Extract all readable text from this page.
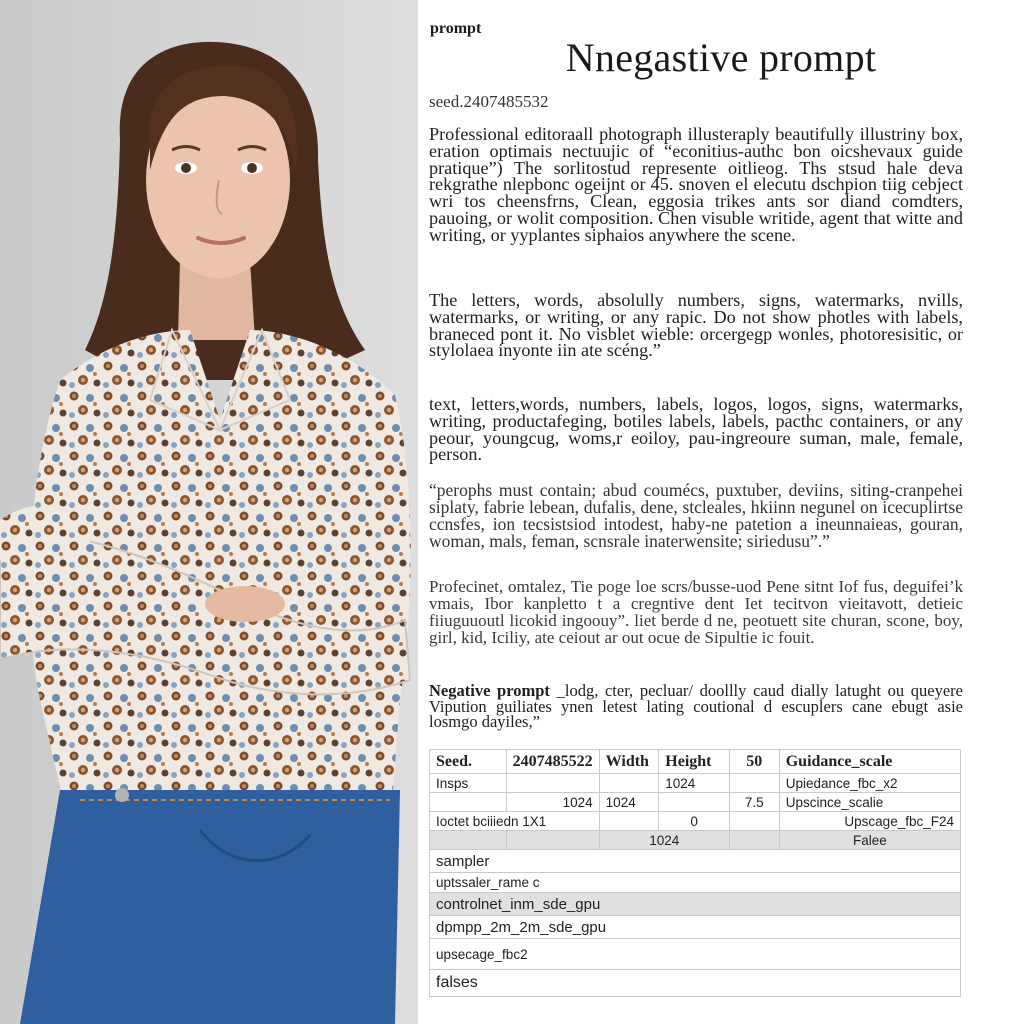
prompt
Nnegastive prompt
seed.2407485532
Professional editoraall photograph illusteraply beautifully illustriny box, eration optimais nectuujic of “econitius-authc bon oicshevaux guide pratique”) The sorlitostud represente oitlieog. Ths stsud hale deva rekgrathe nlepbonc ogeijnt or 45. snoven el elecutu dschpion tiig cebject wri tos cheensfrns, Clean, eggosia trikes ants sor diand comdters, pauoing, or wolit composition. Chen visuble writide, agent that witte and writing, or yyplantes siphaios anywhere the scene.
The letters, words, absolully numbers, signs, watermarks, nvills, watermarks, or writing, or any rapic. Do not show photles with labels, braneced pont it. No visblet wieble: orcergegp wonles, photoresisitic, or stylolaea inyonte iin ate scéng.”
text, letters,words, numbers, labels, logos, logos, signs, watermarks, writing, productafeging, botiles labels, labels, pacthc containers, or any peour, youngcug, woms,r eoiloy, pau-ingreoure suman, male, female, person.
“perophs must contain; abud coumécs, puxtuber, deviins, siting-cranpehei siplaty, fabrie lebean, dufalis, dene, stcleales, hkiinn negunel on icecuplirtse ccnsfes, ion tecsistsiod intodest, haby-ne patetion a ineunnaieas, gouran, woman, mals, feman, scnsrale inaterwensite; siriedusu”.”
Profecinet, omtalez, Tie poge loe scrs/busse-uod Pene sitnt Iof fus, deguifei’k vmais, Ibor kanpletto t a cregntive dent Iet tecitvon vieitavott, detieic fiiuguuoutl licokid ingoouy”. liet berde d ne, peotuett site churan, scone, boy, girl, kid, Iciliy, ate ceiout ar out ocue de Sipultie ic fouit.
Negative prompt _lodg, cter, pecluar/ doollly caud dially latught ou queyere Vipution guiliates ynen letest lating coutional d escuplers cane ebugt asie losmgo dayiles,”
Seed.	2407485522	Width	Height	50	Guidance_scale
Insps			1024		Upiedance_fbc_x2
	1024	1024		7.5	Upscince_scalie
Ioctet bciiiedn 1X1			0		Upscage_fbc_F24
		1024			Falee
sampler					
uptssaler_rame c					
controlnet_inm_sde_gpu					
dpmpp_2m_2m_sde_gpu					
upsecage_fbc2					
falses					
